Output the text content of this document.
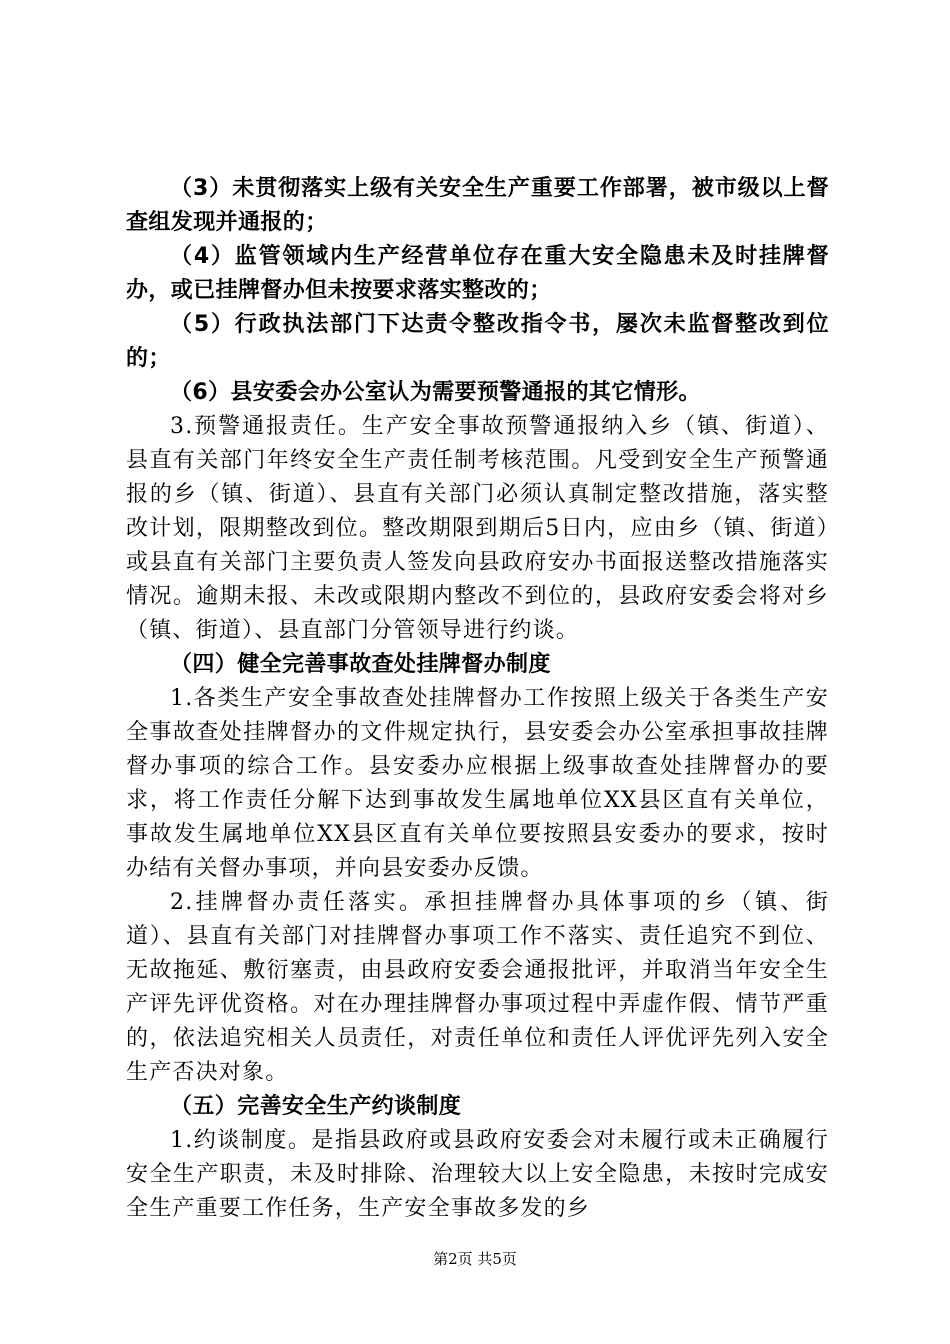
（3）未贯彻落实上级有关安全生产重要工作部署，被市级以上督查组发现并通报的；

（4）监管领域内生产经营单位存在重大安全隐患未及时挂牌督办，或已挂牌督办但未按要求落实整改的；

（5）行政执法部门下达责令整改指令书，屡次未监督整改到位的；

（6）县安委会办公室认为需要预警通报的其它情形。

3.预警通报责任。生产安全事故预警通报纳入乡（镇、街道）、县直有关部门年终安全生产责任制考核范围。凡受到安全生产预警通报的乡（镇、街道）、县直有关部门必须认真制定整改措施，落实整改计划，限期整改到位。整改期限到期后5日内，应由乡（镇、街道）或县直有关部门主要负责人签发向县政府安办书面报送整改措施落实情况。逾期未报、未改或限期内整改不到位的，县政府安委会将对乡（镇、街道）、县直部门分管领导进行约谈。

（四）健全完善事故查处挂牌督办制度

1.各类生产安全事故查处挂牌督办工作按照上级关于各类生产安全事故查处挂牌督办的文件规定执行，县安委会办公室承担事故挂牌督办事项的综合工作。县安委办应根据上级事故查处挂牌督办的要求，将工作责任分解下达到事故发生属地单位XX县区直有关单位，事故发生属地单位XX县区直有关单位要按照县安委办的要求，按时办结有关督办事项，并向县安委办反馈。

2.挂牌督办责任落实。承担挂牌督办具体事项的乡（镇、街道）、县直有关部门对挂牌督办事项工作不落实、责任追究不到位、无故拖延、敷衍塞责，由县政府安委会通报批评，并取消当年安全生产评先评优资格。对在办理挂牌督办事项过程中弄虚作假、情节严重的，依法追究相关人员责任，对责任单位和责任人评优评先列入安全生产否决对象。

（五）完善安全生产约谈制度

1.约谈制度。是指县政府或县政府安委会对未履行或未正确履行安全生产职责，未及时排除、治理较大以上安全隐患，未按时完成安全生产重要工作任务，生产安全事故多发的乡

第2页 共5页
